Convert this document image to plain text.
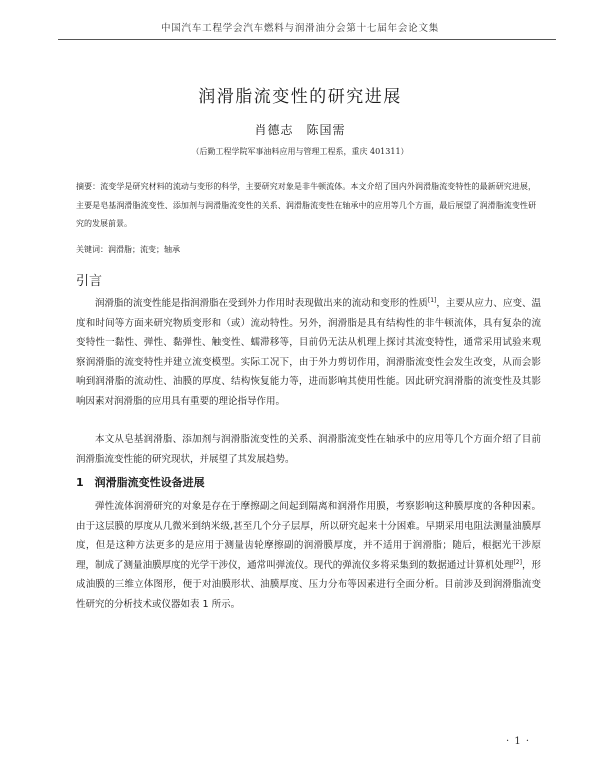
中国汽车工程学会汽车燃料与润滑油分会第十七届年会论文集
润滑脂流变性的研究进展
肖德志　陈国需
（后勤工程学院军事油料应用与管理工程系，重庆 401311）
摘要：流变学是研究材料的流动与变形的科学，主要研究对象是非牛顿流体。本文介绍了国内外润滑脂流变特性的最新研究进展，主要是皂基润滑脂流变性、添加剂与润滑脂流变性的关系、润滑脂流变性在轴承中的应用等几个方面，最后展望了润滑脂流变性研究的发展前景。
关键词：润滑脂；流变；轴承
引言

润滑脂的流变性能是指润滑脂在受到外力作用时表现做出来的流动和变形的性质[1]，主要从应力、应变、温度和时间等方面来研究物质变形和（或）流动特性。另外，润滑脂是具有结构性的非牛顿流体，具有复杂的流变特性一黏性、弹性、黏弹性、触变性、蠕滞移等，目前仍无法从机理上探讨其流变特性，通常采用试验来观察润滑脂的流变特性并建立流变模型。实际工况下，由于外力剪切作用，润滑脂流变性会发生改变，从而会影响到润滑脂的流动性、油膜的厚度、结构恢复能力等，进而影响其使用性能。因此研究润滑脂的流变性及其影响因素对润滑脂的应用具有重要的理论指导作用。

本文从皂基润滑脂、添加剂与润滑脂流变性的关系、润滑脂流变性在轴承中的应用等几个方面介绍了目前润滑脂流变性能的研究现状，并展望了其发展趋势。

1　润滑脂流变性设备进展

弹性流体润滑研究的对象是存在于摩擦副之间起到隔离和润滑作用膜，考察影响这种膜厚度的各种因素。由于这层膜的厚度从几微米到纳米级,甚至几个分子层厚，所以研究起来十分困难。早期采用电阻法测量油膜厚度，但是这种方法更多的是应用于测量齿轮摩擦副的润滑膜厚度，并不适用于润滑脂；随后，根据光干涉原理，制成了测量油膜厚度的光学干涉仪，通常叫弹流仪。现代的弹流仪多将采集到的数据通过计算机处理[2]，形成油膜的三维立体图形，便于对油膜形状、油膜厚度、压力分布等因素进行全面分析。目前涉及到润滑脂流变性研究的分析技术或仪器如表 1 所示。

· 1 ·
